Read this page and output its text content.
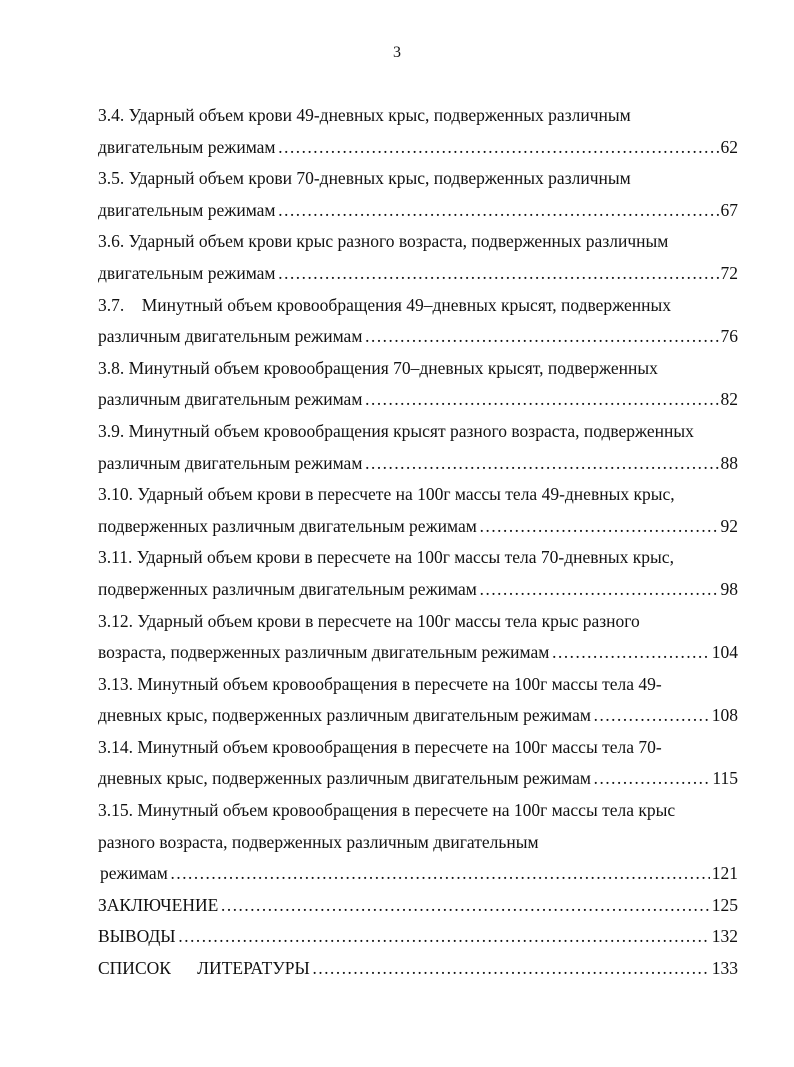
3
3.4. Ударный объем крови 49-дневных крыс, подверженных различным
двигательным режимам …………………………………………………………………………………………………………………………………………………………………………………	62
3.5. Ударный объем крови 70-дневных крыс, подверженных различным
двигательным режимам …………………………………………………………………………………………………………………………………………………………………………………	67
3.6. Ударный объем крови крыс разного возраста, подверженных различным
двигательным режимам …………………………………………………………………………………………………………………………………………………………………………………	72
3.7.    Минутный объем кровообращения 49–дневных крысят, подверженных
различным двигательным режимам …………………………………………………………………………………………………………………………………………………………………………………	76
3.8. Минутный объем кровообращения 70–дневных крысят, подверженных
различным двигательным режимам …………………………………………………………………………………………………………………………………………………………………………………	82
3.9. Минутный объем кровообращения крысят разного возраста, подверженных
различным двигательным режимам …………………………………………………………………………………………………………………………………………………………………………………	88
3.10. Ударный объем крови в пересчете на 100г массы тела 49-дневных крыс,
подверженных различным двигательным режимам …………………………………………………………………………………………………………………………………………………………………………………	92
3.11. Ударный объем крови в пересчете на 100г массы тела 70-дневных крыс,
подверженных различным двигательным режимам …………………………………………………………………………………………………………………………………………………………………………………	98
3.12. Ударный объем крови в пересчете на 100г массы тела крыс разного
возраста, подверженных различным двигательным режимам …………………………………………………………………………………………………………………………………………………………………………………	104
3.13. Минутный объем кровообращения в пересчете на 100г массы тела 49-
дневных крыс, подверженных различным двигательным режимам …………………………………………………………………………………………………………………………………………………………………………………	108
3.14. Минутный объем кровообращения в пересчете на 100г массы тела 70-
дневных крыс, подверженных различным двигательным режимам …………………………………………………………………………………………………………………………………………………………………………………	115
3.15. Минутный объем кровообращения в пересчете на 100г массы тела крыс
разного возраста, подверженных различным двигательным
режимам …………………………………………………………………………………………………………………………………………………………………………………	121
ЗАКЛЮЧЕНИЕ …………………………………………………………………………………………………………………………………………………………………………………	125
ВЫВОДЫ …………………………………………………………………………………………………………………………………………………………………………………	132
СПИСОК      ЛИТЕРАТУРЫ …………………………………………………………………………………………………………………………………………………………………………………	133
